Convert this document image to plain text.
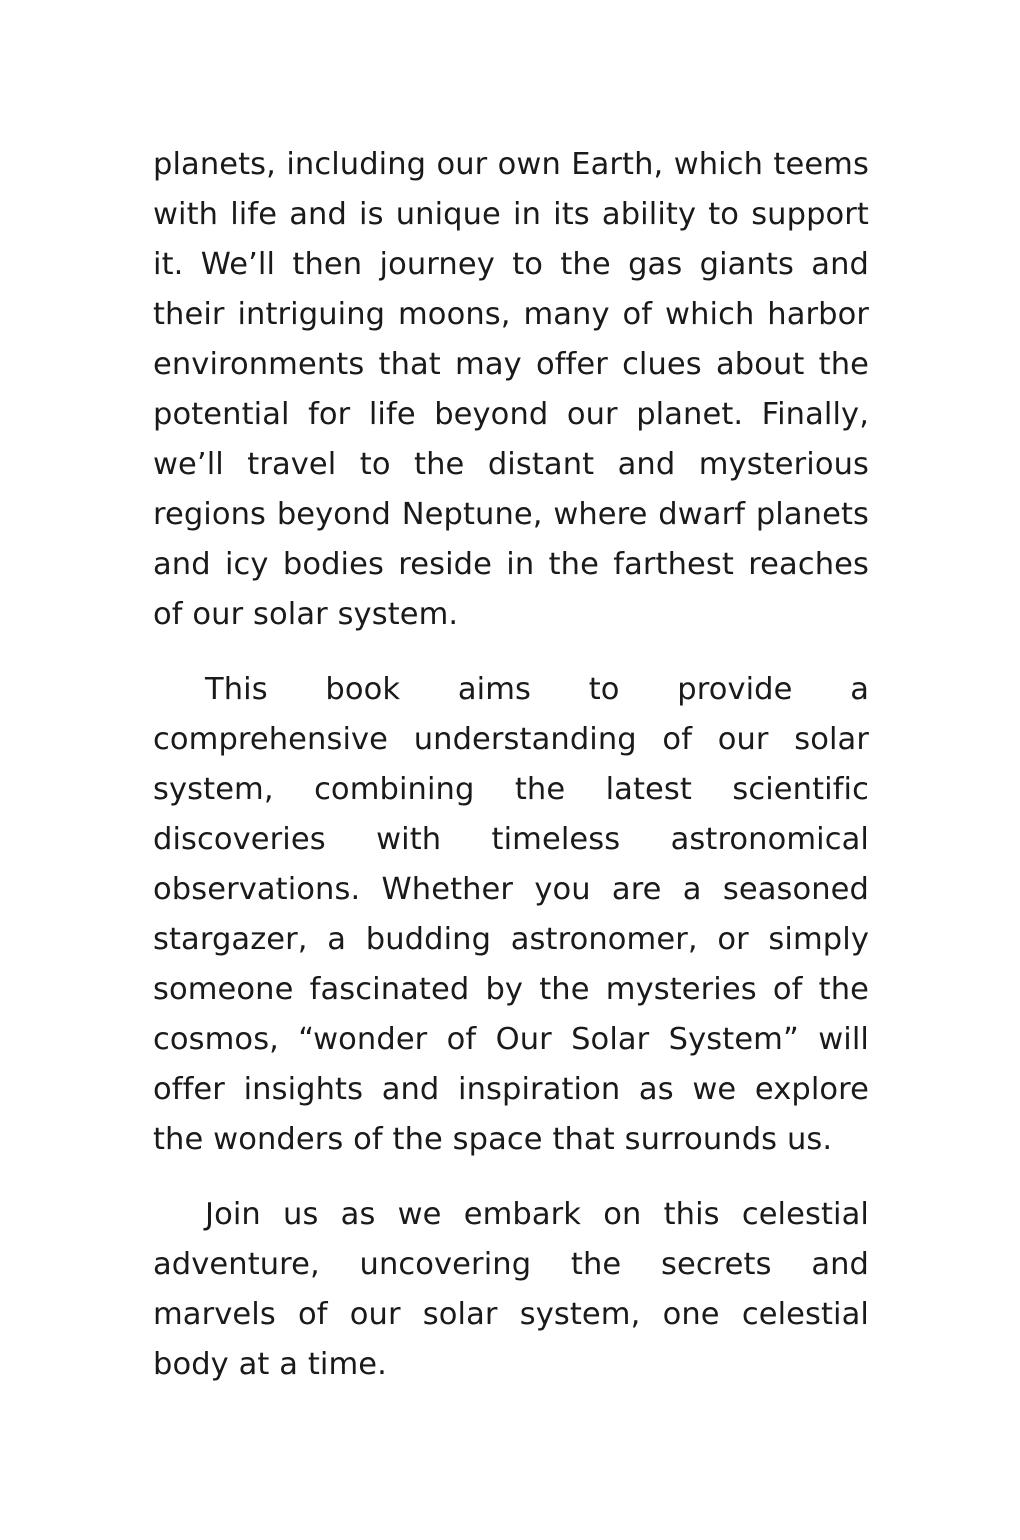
planets, including our own Earth, which teems with life and is unique in its ability to support it. We’ll then journey to the gas giants and their intriguing moons, many of which harbor environments that may offer clues about the potential for life beyond our planet. Finally, we’ll travel to the distant and mysterious regions beyond Neptune, where dwarf planets and icy bodies reside in the farthest reaches of our solar system.

This book aims to provide a comprehensive understanding of our solar system, combining the latest scientific discoveries with timeless astronomical observations. Whether you are a seasoned stargazer, a budding astronomer, or simply someone fascinated by the mysteries of the cosmos, “wonder of Our Solar System” will offer insights and inspiration as we explore the wonders of the space that surrounds us.

Join us as we embark on this celestial adventure, uncovering the secrets and marvels of our solar system, one celestial body at a time.
